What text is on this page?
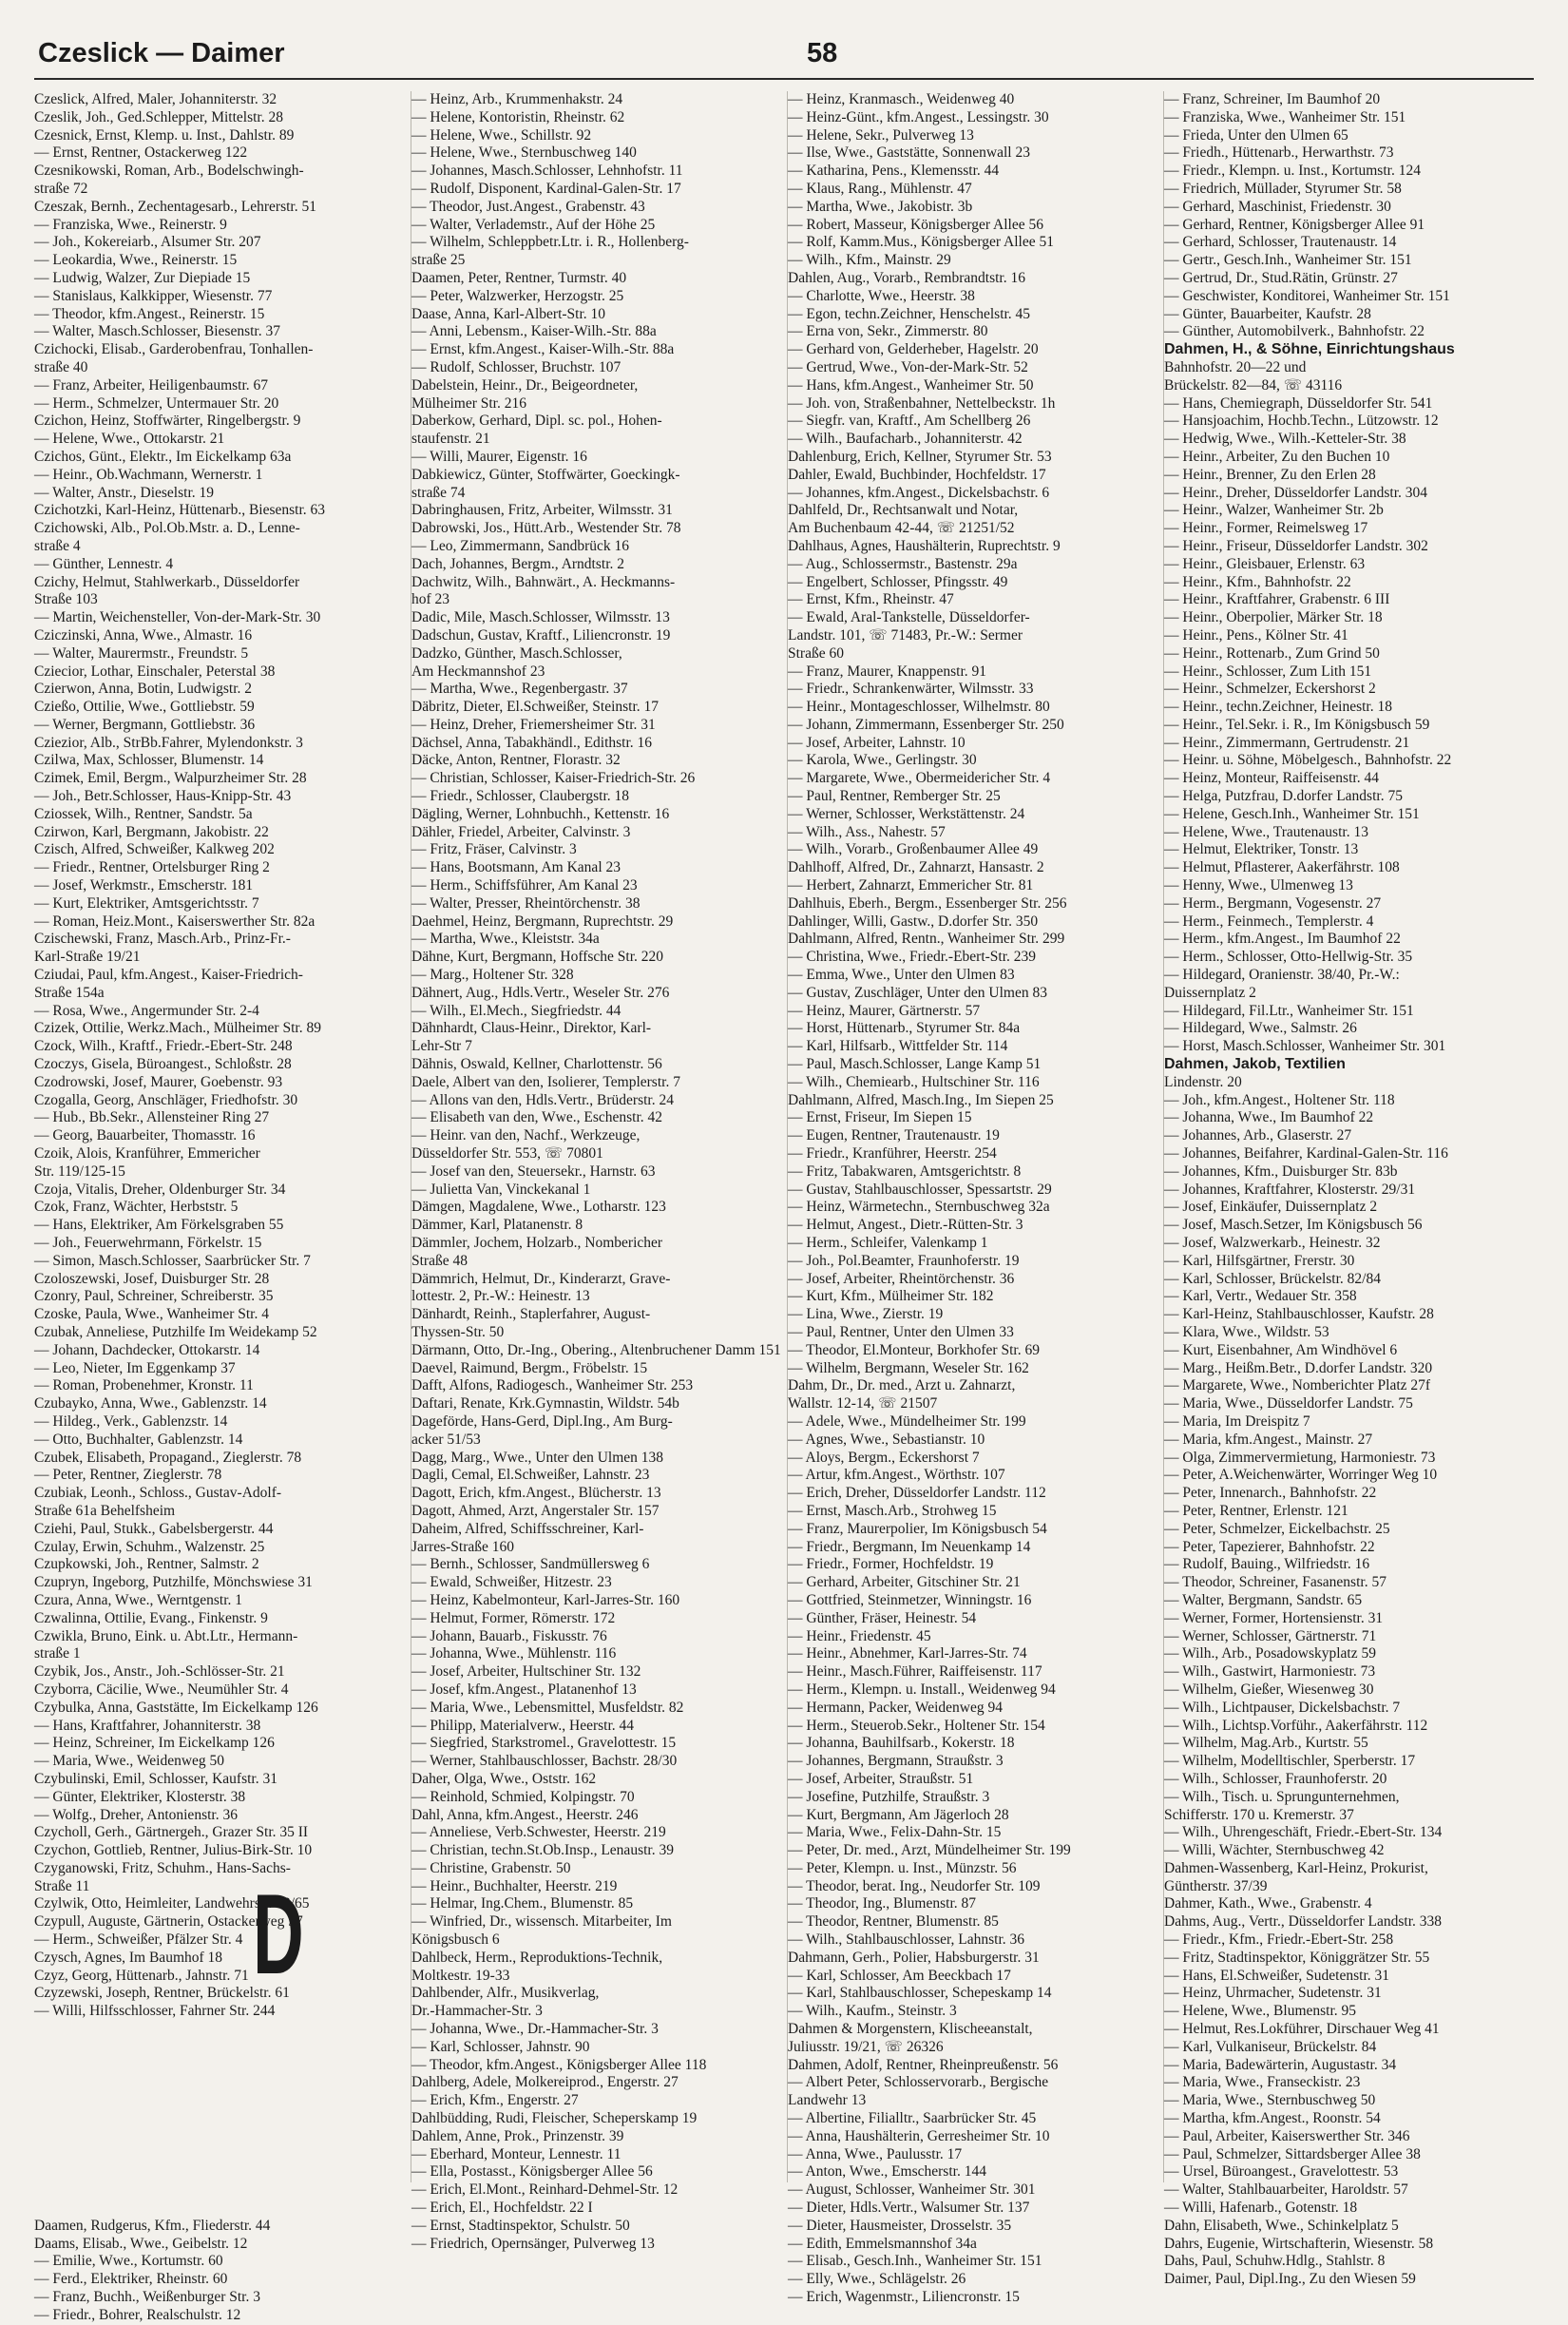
Czeslick — Daimer	58
Czeslick, Alfred, Maler, Johanniterstr. 32
Czeslik, Joh., Ged.Schlepper, Mittelstr. 28
Czesnick, Ernst, Klemp. u. Inst., Dahlstr. 89
— Ernst, Rentner, Ostackerweg 122
Czesnikowski, Roman, Arb., Bodelschwingh-
straße 72
Czeszak, Bernh., Zechentagesarb., Lehrerstr. 51
— Franziska, Wwe., Reinerstr. 9
— Joh., Kokereiarb., Alsumer Str. 207
— Leokardia, Wwe., Reinerstr. 15
— Ludwig, Walzer, Zur Diepiade 15
— Stanislaus, Kalkkipper, Wiesenstr. 77
— Theodor, kfm.Angest., Reinerstr. 15
— Walter, Masch.Schlosser, Biesenstr. 37
Czichocki, Elisab., Garderobenfrau, Tonhallen-
straße 40
— Franz, Arbeiter, Heiligenbaumstr. 67
— Herm., Schmelzer, Untermauer Str. 20
Czichon, Heinz, Stoffwärter, Ringelbergstr. 9
— Helene, Wwe., Ottokarstr. 21
Czichos, Günt., Elektr., Im Eickelkamp 63a
— Heinr., Ob.Wachmann, Wernerstr. 1
— Walter, Anstr., Dieselstr. 19
Czichotzki, Karl-Heinz, Hüttenarb., Biesenstr. 63
Czichowski, Alb., Pol.Ob.Mstr. a. D., Lenne-
straße 4
— Günther, Lennestr. 4
Czichy, Helmut, Stahlwerkarb., Düsseldorfer
Straße 103
— Martin, Weichensteller, Von-der-Mark-Str. 30
Cziczinski, Anna, Wwe., Almastr. 16
— Walter, Maurermstr., Freundstr. 5
Cziecior, Lothar, Einschaler, Peterstal 38
Czierwon, Anna, Botin, Ludwigstr. 2
Czießo, Ottilie, Wwe., Gottliebstr. 59
— Werner, Bergmann, Gottliebstr. 36
Cziezior, Alb., StrBb.Fahrer, Mylendonkstr. 3
Czilwa, Max, Schlosser, Blumenstr. 14
Czimek, Emil, Bergm., Walpurzheimer Str. 28
— Joh., Betr.Schlosser, Haus-Knipp-Str. 43
Cziossek, Wilh., Rentner, Sandstr. 5a
Czirwon, Karl, Bergmann, Jakobistr. 22
Czisch, Alfred, Schweißer, Kalkweg 202
— Friedr., Rentner, Ortelsburger Ring 2
— Josef, Werkmstr., Emscherstr. 181
— Kurt, Elektriker, Amtsgerichtsstr. 7
— Roman, Heiz.Mont., Kaiserswerther Str. 82a
Czischewski, Franz, Masch.Arb., Prinz-Fr.-
Karl-Straße 19/21
Cziudai, Paul, kfm.Angest., Kaiser-Friedrich-
Straße 154a
— Rosa, Wwe., Angermunder Str. 2-4
Czizek, Ottilie, Werkz.Mach., Mülheimer Str. 89
Czock, Wilh., Kraftf., Friedr.-Ebert-Str. 248
Czoczys, Gisela, Büroangest., Schloßstr. 28
Czodrowski, Josef, Maurer, Goebenstr. 93
Czogalla, Georg, Anschläger, Friedhofstr. 30
— Hub., Bb.Sekr., Allensteiner Ring 27
— Georg, Bauarbeiter, Thomasstr. 16
Czoik, Alois, Kranführer, Emmericher
Str. 119/125-15
Czoja, Vitalis, Dreher, Oldenburger Str. 34
Czok, Franz, Wächter, Herbststr. 5
— Hans, Elektriker, Am Förkelsgraben 55
— Joh., Feuerwehrmann, Förkelstr. 15
— Simon, Masch.Schlosser, Saarbrücker Str. 7
Czoloszewski, Josef, Duisburger Str. 28
Czonry, Paul, Schreiner, Schreiberstr. 35
Czoske, Paula, Wwe., Wanheimer Str. 4
Czubak, Anneliese, Putzhilfe Im Weidekamp 52
— Johann, Dachdecker, Ottokarstr. 14
— Leo, Nieter, Im Eggenkamp 37
— Roman, Probenehmer, Kronstr. 11
Czubayko, Anna, Wwe., Gablenzstr. 14
— Hildeg., Verk., Gablenzstr. 14
— Otto, Buchhalter, Gablenzstr. 14
Czubek, Elisabeth, Propagand., Zieglerstr. 78
— Peter, Rentner, Zieglerstr. 78
Czubiak, Leonh., Schloss., Gustav-Adolf-
Straße 61a Behelfsheim
Cziehi, Paul, Stukk., Gabelsbergerstr. 44
Czulay, Erwin, Schuhm., Walzenstr. 25
Czupkowski, Joh., Rentner, Salmstr. 2
Czupryn, Ingeborg, Putzhilfe, Mönchswiese 31
Czura, Anna, Wwe., Werntgenstr. 1
Czwalinna, Ottilie, Evang., Finkenstr. 9
Czwikla, Bruno, Eink. u. Abt.Ltr., Hermann-
straße 1
Czybik, Jos., Anstr., Joh.-Schlösser-Str. 21
Czyborra, Cäcilie, Wwe., Neumühler Str. 4
Czybulka, Anna, Gaststätte, Im Eickelkamp 126
— Hans, Kraftfahrer, Johanniterstr. 38
— Heinz, Schreiner, Im Eickelkamp 126
— Maria, Wwe., Weidenweg 50
Czybulinski, Emil, Schlosser, Kaufstr. 31
— Günter, Elektriker, Klosterstr. 38
— Wolfg., Dreher, Antonienstr. 36
Czycholl, Gerh., Gärtnergeh., Grazer Str. 35 II
Czychon, Gottlieb, Rentner, Julius-Birk-Str. 10
Czyganowski, Fritz, Schuhm., Hans-Sachs-
Straße 11
Czylwik, Otto, Heimleiter, Landwehrstr. 63/65
Czypull, Auguste, Gärtnerin, Ostackerweg 37
— Herm., Schweißer, Pfälzer Str. 4
Czysch, Agnes, Im Baumhof 18
Czyz, Georg, Hüttenarb., Jahnstr. 71
Czyzewski, Joseph, Rentner, Brückelstr. 61
— Willi, Hilfsschlosser, Fahrner Str. 244

Daamen, Rudgerus, Kfm., Fliederstr. 44
Daams, Elisab., Wwe., Geibelstr. 12
— Emilie, Wwe., Kortumstr. 60
— Ferd., Elektriker, Rheinstr. 60
— Franz, Buchh., Weißenburger Str. 3
— Friedr., Bohrer, Realschulstr. 12
— Heinz, Arb., Krummenhakstr. 24
— Helene, Kontoristin, Rheinstr. 62
— Helene, Wwe., Schillstr. 92
— Helene, Wwe., Sternbuschweg 140
— Johannes, Masch.Schlosser, Lehnhofstr. 11
— Rudolf, Disponent, Kardinal-Galen-Str. 17
— Theodor, Just.Angest., Grabenstr. 43
— Walter, Verlademstr., Auf der Höhe 25
— Wilhelm, Schleppbetr.Ltr. i. R., Hollenberg-
straße 25
Daamen, Peter, Rentner, Turmstr. 40
— Peter, Walzwerker, Herzogstr. 25
Daase, Anna, Karl-Albert-Str. 10
— Anni, Lebensm., Kaiser-Wilh.-Str. 88a
— Ernst, kfm.Angest., Kaiser-Wilh.-Str. 88a
— Rudolf, Schlosser, Bruchstr. 107
Dabelstein, Heinr., Dr., Beigeordneter,
Mülheimer Str. 216
Daberkow, Gerhard, Dipl. sc. pol., Hohen-
staufenstr. 21
— Willi, Maurer, Eigenstr. 16
Dabkiewicz, Günter, Stoffwärter, Goeckingk-
straße 74
Dabringhausen, Fritz, Arbeiter, Wilmsstr. 31
Dabrowski, Jos., Hütt.Arb., Westender Str. 78
— Leo, Zimmermann, Sandbrück 16
Dach, Johannes, Bergm., Arndtstr. 2
Dachwitz, Wilh., Bahnwärt., A. Heckmanns-
hof 23
Dadic, Mile, Masch.Schlosser, Wilmsstr. 13
Dadschun, Gustav, Kraftf., Liliencronstr. 19
Dadzko, Günther, Masch.Schlosser,
Am Heckmannshof 23
— Martha, Wwe., Regenbergastr. 37
Däbritz, Dieter, El.Schweißer, Steinstr. 17
— Heinz, Dreher, Friemersheimer Str. 31
Dächsel, Anna, Tabakhändl., Edithstr. 16
Däcke, Anton, Rentner, Florastr. 32
— Christian, Schlosser, Kaiser-Friedrich-Str. 26
— Friedr., Schlosser, Claubergstr. 18
Dägling, Werner, Lohnbuchh., Kettenstr. 16
Dähler, Friedel, Arbeiter, Calvinstr. 3
— Fritz, Fräser, Calvinstr. 3
— Hans, Bootsmann, Am Kanal 23
— Herm., Schiffsführer, Am Kanal 23
— Walter, Presser, Rheintörchenstr. 38
Daehmel, Heinz, Bergmann, Ruprechtstr. 29
— Martha, Wwe., Kleiststr. 34a
Dähne, Kurt, Bergmann, Hoffsche Str. 220
— Marg., Holtener Str. 328
Dähnert, Aug., Hdls.Vertr., Weseler Str. 276
— Wilh., El.Mech., Siegfriedstr. 44
Dähnhardt, Claus-Heinr., Direktor, Karl-
Lehr-Str 7
Dähnis, Oswald, Kellner, Charlottenstr. 56
Daele, Albert van den, Isolierer, Templerstr. 7
— Allons van den, Hdls.Vertr., Brüderstr. 24
— Elisabeth van den, Wwe., Eschenstr. 42
— Heinr. van den, Nachf., Werkzeuge,
Düsseldorfer Str. 553, ☏ 70801
— Josef van den, Steuersekr., Harnstr. 63
— Julietta Van, Vinckekanal 1
Dämgen, Magdalene, Wwe., Lotharstr. 123
Dämmer, Karl, Platanenstr. 8
Dämmler, Jochem, Holzarb., Nombericher
Straße 48
Dämmrich, Helmut, Dr., Kinderarzt, Grave-
lottestr. 2, Pr.-W.: Heinestr. 13
Dänhardt, Reinh., Staplerfahrer, August-
Thyssen-Str. 50
Därmann, Otto, Dr.-Ing., Obering., Altenbruchener Damm 151
Daevel, Raimund, Bergm., Fröbelstr. 15
Dafft, Alfons, Radiogesch., Wanheimer Str. 253
Daftari, Renate, Krk.Gymnastin, Wildstr. 54b
Dageförde, Hans-Gerd, Dipl.Ing., Am Burg-
acker 51/53
Dagg, Marg., Wwe., Unter den Ulmen 138
Dagli, Cemal, El.Schweißer, Lahnstr. 23
Dagott, Erich, kfm.Angest., Blücherstr. 13
Dagott, Ahmed, Arzt, Angerstaler Str. 157
Daheim, Alfred, Schiffsschreiner, Karl-
Jarres-Straße 160
— Bernh., Schlosser, Sandmüllersweg 6
— Ewald, Schweißer, Hitzestr. 23
— Heinz, Kabelmonteur, Karl-Jarres-Str. 160
— Helmut, Former, Römerstr. 172
— Johann, Bauarb., Fiskusstr. 76
— Johanna, Wwe., Mühlenstr. 116
— Josef, Arbeiter, Hultschiner Str. 132
— Josef, kfm.Angest., Platanenhof 13
— Maria, Wwe., Lebensmittel, Musfeldstr. 82
— Philipp, Materialverw., Heerstr. 44
— Siegfried, Starkstromel., Gravelottestr. 15
— Werner, Stahlbauschlosser, Bachstr. 28/30
Daher, Olga, Wwe., Oststr. 162
— Reinhold, Schmied, Kolpingstr. 70
Dahl, Anna, kfm.Angest., Heerstr. 246
— Anneliese, Verb.Schwester, Heerstr. 219
— Christian, techn.St.Ob.Insp., Lenaustr. 39
— Christine, Grabenstr. 50
— Heinr., Buchhalter, Heerstr. 219
— Helmar, Ing.Chem., Blumenstr. 85
— Winfried, Dr., wissensch. Mitarbeiter, Im
Königsbusch 6
Dahlbeck, Herm., Reproduktions-Technik,
Moltkestr. 19-33
Dahlbender, Alfr., Musikverlag,
Dr.-Hammacher-Str. 3
— Johanna, Wwe., Dr.-Hammacher-Str. 3
— Karl, Schlosser, Jahnstr. 90
— Theodor, kfm.Angest., Königsberger Allee 118
Dahlberg, Adele, Molkereiprod., Engerstr. 27
— Erich, Kfm., Engerstr. 27
Dahlbüdding, Rudi, Fleischer, Scheperskamp 19
Dahlem, Anne, Prok., Prinzenstr. 39
— Eberhard, Monteur, Lennestr. 11
— Ella, Postasst., Königsberger Allee 56
— Erich, El.Mont., Reinhard-Dehmel-Str. 12
— Erich, El., Hochfeldstr. 22 I
— Ernst, Stadtinspektor, Schulstr. 50
— Friedrich, Opernsänger, Pulverweg 13
— Heinz, Kranmasch., Weidenweg 40
— Heinz-Günt., kfm.Angest., Lessingstr. 30
— Helene, Sekr., Pulverweg 13
— Ilse, Wwe., Gaststätte, Sonnenwall 23
— Katharina, Pens., Klemensstr. 44
— Klaus, Rang., Mühlenstr. 47
— Martha, Wwe., Jakobistr. 3b
— Robert, Masseur, Königsberger Allee 56
— Rolf, Kamm.Mus., Königsberger Allee 51
— Wilh., Kfm., Mainstr. 29
Dahlen, Aug., Vorarb., Rembrandtstr. 16
— Charlotte, Wwe., Heerstr. 38
— Egon, techn.Zeichner, Henschelstr. 45
— Erna von, Sekr., Zimmerstr. 80
— Gerhard von, Gelderheber, Hagelstr. 20
— Gertrud, Wwe., Von-der-Mark-Str. 52
— Hans, kfm.Angest., Wanheimer Str. 50
— Joh. von, Straßenbahner, Nettelbeckstr. 1h
— Siegfr. van, Kraftf., Am Schellberg 26
— Wilh., Baufacharb., Johanniterstr. 42
Dahlenburg, Erich, Kellner, Styrumer Str. 53
Dahler, Ewald, Buchbinder, Hochfeldstr. 17
— Johannes, kfm.Angest., Dickelsbachstr. 6
Dahlfeld, Dr., Rechtsanwalt und Notar,
Am Buchenbaum 42-44, ☏ 21251/52
Dahlhaus, Agnes, Haushälterin, Ruprechtstr. 9
— Aug., Schlossermstr., Bastenstr. 29a
— Engelbert, Schlosser, Pfingsstr. 49
— Ernst, Kfm., Rheinstr. 47
— Ewald, Aral-Tankstelle, Düsseldorfer-
Landstr. 101, ☏ 71483, Pr.-W.: Sermer
Straße 60
— Franz, Maurer, Knappenstr. 91
— Friedr., Schrankenwärter, Wilmsstr. 33
— Heinr., Montageschlosser, Wilhelmstr. 80
— Johann, Zimmermann, Essenberger Str. 250
— Josef, Arbeiter, Lahnstr. 10
— Karola, Wwe., Gerlingstr. 30
— Margarete, Wwe., Obermeidericher Str. 4
— Paul, Rentner, Remberger Str. 25
— Werner, Schlosser, Werkstättenstr. 24
— Wilh., Ass., Nahestr. 57
— Wilh., Vorarb., Großenbaumer Allee 49
Dahlhoff, Alfred, Dr., Zahnarzt, Hansastr. 2
— Herbert, Zahnarzt, Emmericher Str. 81
Dahlhuis, Eberh., Bergm., Essenberger Str. 256
Dahlinger, Willi, Gastw., D.dorfer Str. 350
Dahlmann, Alfred, Rentn., Wanheimer Str. 299
— Christina, Wwe., Friedr.-Ebert-Str. 239
— Emma, Wwe., Unter den Ulmen 83
— Gustav, Zuschläger, Unter den Ulmen 83
— Heinz, Maurer, Gärtnerstr. 57
— Horst, Hüttenarb., Styrumer Str. 84a
— Karl, Hilfsarb., Wittfelder Str. 114
— Paul, Masch.Schlosser, Lange Kamp 51
— Wilh., Chemiearb., Hultschiner Str. 116
Dahlmann, Alfred, Masch.Ing., Im Siepen 25
— Ernst, Friseur, Im Siepen 15
— Eugen, Rentner, Trautenaustr. 19
— Friedr., Kranführer, Heerstr. 254
— Fritz, Tabakwaren, Amtsgerichtstr. 8
— Gustav, Stahlbauschlosser, Spessartstr. 29
— Heinz, Wärmetechn., Sternbuschweg 32a
— Helmut, Angest., Dietr.-Rütten-Str. 3
— Herm., Schleifer, Valenkamp 1
— Joh., Pol.Beamter, Fraunhoferstr. 19
— Josef, Arbeiter, Rheintörchenstr. 36
— Kurt, Kfm., Mülheimer Str. 182
— Lina, Wwe., Zierstr. 19
— Paul, Rentner, Unter den Ulmen 33
— Theodor, El.Monteur, Borkhofer Str. 69
— Wilhelm, Bergmann, Weseler Str. 162
Dahm, Dr., Dr. med., Arzt u. Zahnarzt,
Wallstr. 12-14, ☏ 21507
— Adele, Wwe., Mündelheimer Str. 199
— Agnes, Wwe., Sebastianstr. 10
— Aloys, Bergm., Eckershorst 7
— Artur, kfm.Angest., Wörthstr. 107
— Erich, Dreher, Düsseldorfer Landstr. 112
— Ernst, Masch.Arb., Strohweg 15
— Franz, Maurerpolier, Im Königsbusch 54
— Friedr., Bergmann, Im Neuenkamp 14
— Friedr., Former, Hochfeldstr. 19
— Gerhard, Arbeiter, Gitschiner Str. 21
— Gottfried, Steinmetzer, Winningstr. 16
— Günther, Fräser, Heinestr. 54
— Heinr., Friedenstr. 45
— Heinr., Abnehmer, Karl-Jarres-Str. 74
— Heinr., Masch.Führer, Raiffeisenstr. 117
— Herm., Klempn. u. Install., Weidenweg 94
— Hermann, Packer, Weidenweg 94
— Herm., Steuerob.Sekr., Holtener Str. 154
— Johanna, Bauhilfsarb., Kokerstr. 18
— Johannes, Bergmann, Straußstr. 3
— Josef, Arbeiter, Straußstr. 51
— Josefine, Putzhilfe, Straußstr. 3
— Kurt, Bergmann, Am Jägerloch 28
— Maria, Wwe., Felix-Dahn-Str. 15
— Peter, Dr. med., Arzt, Mündelheimer Str. 199
— Peter, Klempn. u. Inst., Münzstr. 56
— Theodor, berat. Ing., Neudorfer Str. 109
— Theodor, Ing., Blumenstr. 87
— Theodor, Rentner, Blumenstr. 85
— Wilh., Stahlbauschlosser, Lahnstr. 36
Dahmann, Gerh., Polier, Habsburgerstr. 31
— Karl, Schlosser, Am Beeckbach 17
— Karl, Stahlbauschlosser, Schepeskamp 14
— Wilh., Kaufm., Steinstr. 3
Dahmen & Morgenstern, Klischeeanstalt,
Juliusstr. 19/21, ☏ 26326
Dahmen, Adolf, Rentner, Rheinpreußenstr. 56
— Albert Peter, Schlosservorarb., Bergische
Landwehr 13
— Albertine, Filialltr., Saarbrücker Str. 45
— Anna, Haushälterin, Gerresheimer Str. 10
— Anna, Wwe., Paulusstr. 17
— Anton, Wwe., Emscherstr. 144
— August, Schlosser, Wanheimer Str. 301
— Dieter, Hdls.Vertr., Walsumer Str. 137
— Dieter, Hausmeister, Drosselstr. 35
— Edith, Emmelsmannshof 34a
— Elisab., Gesch.Inh., Wanheimer Str. 151
— Elly, Wwe., Schlägelstr. 26
— Erich, Wagenmstr., Liliencronstr. 15
— Franz, Schreiner, Im Baumhof 20
— Franziska, Wwe., Wanheimer Str. 151
— Frieda, Unter den Ulmen 65
— Friedh., Hüttenarb., Herwarthstr. 73
— Friedr., Klempn. u. Inst., Kortumstr. 124
— Friedrich, Müllader, Styrumer Str. 58
— Gerhard, Maschinist, Friedenstr. 30
— Gerhard, Rentner, Königsberger Allee 91
— Gerhard, Schlosser, Trautenaustr. 14
— Gertr., Gesch.Inh., Wanheimer Str. 151
— Gertrud, Dr., Stud.Rätin, Grünstr. 27
— Geschwister, Konditorei, Wanheimer Str. 151
— Günter, Bauarbeiter, Kaufstr. 28
— Günther, Automobilverk., Bahnhofstr. 22
Dahmen, H., & Söhne, Einrichtungshaus
Bahnhofstr. 20—22 und
Brückelstr. 82—84, ☏ 43116
— Hans, Chemiegraph, Düsseldorfer Str. 541
— Hansjoachim, Hochb.Techn., Lützowstr. 12
— Hedwig, Wwe., Wilh.-Ketteler-Str. 38
— Heinr., Arbeiter, Zu den Buchen 10
— Heinr., Brenner, Zu den Erlen 28
— Heinr., Dreher, Düsseldorfer Landstr. 304
— Heinr., Walzer, Wanheimer Str. 2b
— Heinr., Former, Reimelsweg 17
— Heinr., Friseur, Düsseldorfer Landstr. 302
— Heinr., Gleisbauer, Erlenstr. 63
— Heinr., Kfm., Bahnhofstr. 22
— Heinr., Kraftfahrer, Grabenstr. 6 III
— Heinr., Oberpolier, Märker Str. 18
— Heinr., Pens., Kölner Str. 41
— Heinr., Rottenarb., Zum Grind 50
— Heinr., Schlosser, Zum Lith 151
— Heinr., Schmelzer, Eckershorst 2
— Heinr., techn.Zeichner, Heinestr. 18
— Heinr., Tel.Sekr. i. R., Im Königsbusch 59
— Heinr., Zimmermann, Gertrudenstr. 21
— Heinr. u. Söhne, Möbelgesch., Bahnhofstr. 22
— Heinz, Monteur, Raiffeisenstr. 44
— Helga, Putzfrau, D.dorfer Landstr. 75
— Helene, Gesch.Inh., Wanheimer Str. 151
— Helene, Wwe., Trautenaustr. 13
— Helmut, Elektriker, Tonstr. 13
— Helmut, Pflasterer, Aakerfährstr. 108
— Henny, Wwe., Ulmenweg 13
— Herm., Bergmann, Vogesenstr. 27
— Herm., Feinmech., Templerstr. 4
— Herm., kfm.Angest., Im Baumhof 22
— Herm., Schlosser, Otto-Hellwig-Str. 35
— Hildegard, Oranienstr. 38/40, Pr.-W.:
Duissernplatz 2
— Hildegard, Fil.Ltr., Wanheimer Str. 151
— Hildegard, Wwe., Salmstr. 26
— Horst, Masch.Schlosser, Wanheimer Str. 301
Dahmen, Jakob, Textilien
Lindenstr. 20
— Joh., kfm.Angest., Holtener Str. 118
— Johanna, Wwe., Im Baumhof 22
— Johannes, Arb., Glaserstr. 27
— Johannes, Beifahrer, Kardinal-Galen-Str. 116
— Johannes, Kfm., Duisburger Str. 83b
— Johannes, Kraftfahrer, Klosterstr. 29/31
— Josef, Einkäufer, Duissernplatz 2
— Josef, Masch.Setzer, Im Königsbusch 56
— Josef, Walzwerkarb., Heinestr. 32
— Karl, Hilfsgärtner, Frerstr. 30
— Karl, Schlosser, Brückelstr. 82/84
— Karl, Vertr., Wedauer Str. 358
— Karl-Heinz, Stahlbauschlosser, Kaufstr. 28
— Klara, Wwe., Wildstr. 53
— Kurt, Eisenbahner, Am Windhövel 6
— Marg., Heißm.Betr., D.dorfer Landstr. 320
— Margarete, Wwe., Nomberichter Platz 27f
— Maria, Wwe., Düsseldorfer Landstr. 75
— Maria, Im Dreispitz 7
— Maria, kfm.Angest., Mainstr. 27
— Olga, Zimmervermietung, Harmoniestr. 73
— Peter, A.Weichenwärter, Worringer Weg 10
— Peter, Innenarch., Bahnhofstr. 22
— Peter, Rentner, Erlenstr. 121
— Peter, Schmelzer, Eickelbachstr. 25
— Peter, Tapezierer, Bahnhofstr. 22
— Rudolf, Bauing., Wilfriedstr. 16
— Theodor, Schreiner, Fasanenstr. 57
— Walter, Bergmann, Sandstr. 65
— Werner, Former, Hortensienstr. 31
— Werner, Schlosser, Gärtnerstr. 71
— Wilh., Arb., Posadowskyplatz 59
— Wilh., Gastwirt, Harmoniestr. 73
— Wilhelm, Gießer, Wiesenweg 30
— Wilh., Lichtpauser, Dickelsbachstr. 7
— Wilh., Lichtsp.Vorführ., Aakerfährstr. 112
— Wilhelm, Mag.Arb., Kurtstr. 55
— Wilhelm, Modelltischler, Sperberstr. 17
— Wilh., Schlosser, Fraunhoferstr. 20
— Wilh., Tisch. u. Sprungunternehmen,
Schifferstr. 170 u. Kremerstr. 37
— Wilh., Uhrengeschäft, Friedr.-Ebert-Str. 134
— Willi, Wächter, Sternbuschweg 42
Dahmen-Wassenberg, Karl-Heinz, Prokurist,
Güntherstr. 37/39
Dahmer, Kath., Wwe., Grabenstr. 4
Dahms, Aug., Vertr., Düsseldorfer Landstr. 338
— Friedr., Kfm., Friedr.-Ebert-Str. 258
— Fritz, Stadtinspektor, Königgrätzer Str. 55
— Hans, El.Schweißer, Sudetenstr. 31
— Heinz, Uhrmacher, Sudetenstr. 31
— Helene, Wwe., Blumenstr. 95
— Helmut, Res.Lokführer, Dirschauer Weg 41
— Karl, Vulkaniseur, Brückelstr. 84
— Maria, Badewärterin, Augustastr. 34
— Maria, Wwe., Franseckistr. 23
— Maria, Wwe., Sternbuschweg 50
— Martha, kfm.Angest., Roonstr. 54
— Paul, Arbeiter, Kaiserswerther Str. 346
— Paul, Schmelzer, Sittardsberger Allee 38
— Ursel, Büroangest., Gravelottestr. 53
— Walter, Stahlbauarbeiter, Haroldstr. 57
— Willi, Hafenarb., Gotenstr. 18
Dahn, Elisabeth, Wwe., Schinkelplatz 5
Dahrs, Eugenie, Wirtschafterin, Wiesenstr. 58
Dahs, Paul, Schuhw.Hdlg., Stahlstr. 8
Daimer, Paul, Dipl.Ing., Zu den Wiesen 59
D
